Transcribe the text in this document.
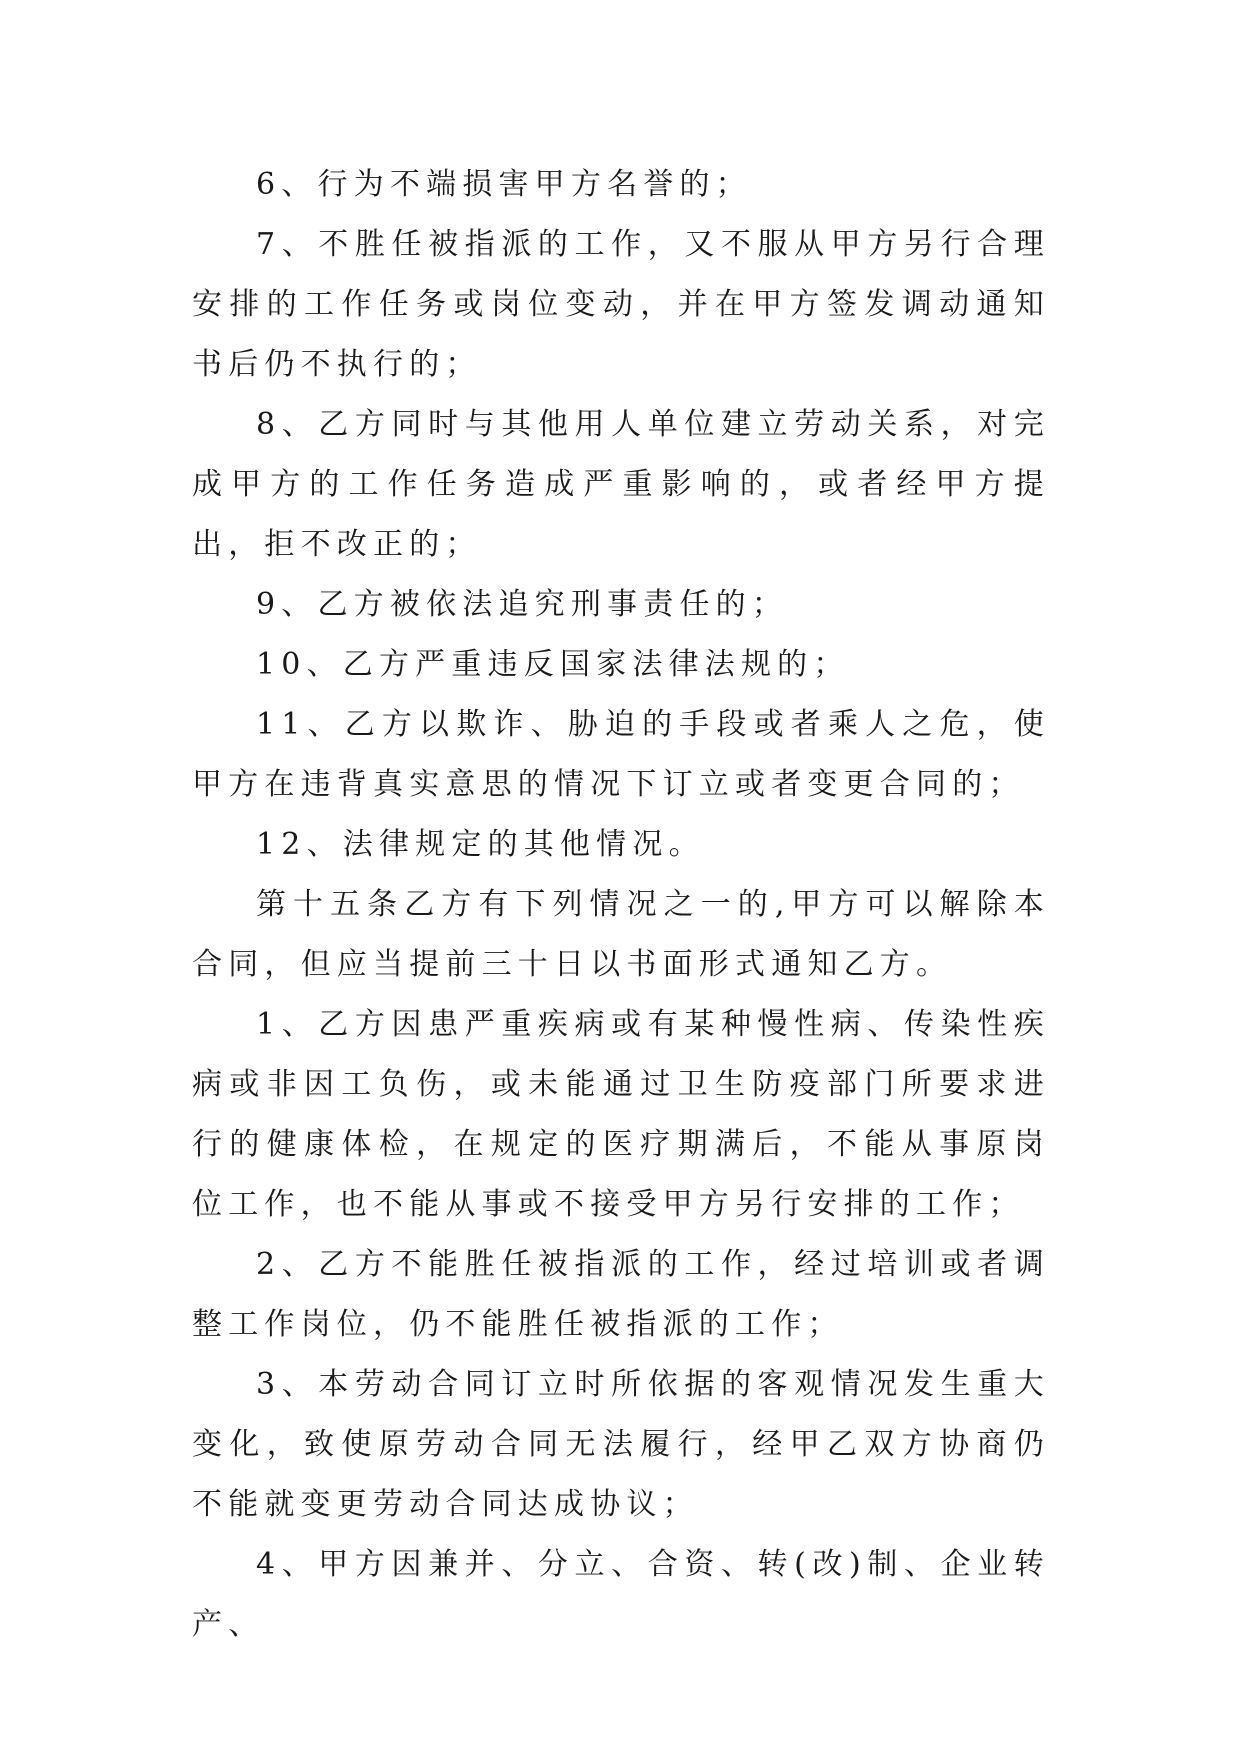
6、行为不端损害甲方名誉的；

7、不胜任被指派的工作，又不服从甲方另行合理安排的工作任务或岗位变动，并在甲方签发调动通知书后仍不执行的；

8、乙方同时与其他用人单位建立劳动关系，对完成甲方的工作任务造成严重影响的，或者经甲方提出，拒不改正的；

9、乙方被依法追究刑事责任的；

10、乙方严重违反国家法律法规的；

11、乙方以欺诈、胁迫的手段或者乘人之危，使甲方在违背真实意思的情况下订立或者变更合同的；

12、法律规定的其他情况。

第十五条乙方有下列情况之一的,甲方可以解除本合同，但应当提前三十日以书面形式通知乙方。

1、乙方因患严重疾病或有某种慢性病、传染性疾病或非因工负伤，或未能通过卫生防疫部门所要求进行的健康体检，在规定的医疗期满后，不能从事原岗位工作，也不能从事或不接受甲方另行安排的工作；

2、乙方不能胜任被指派的工作，经过培训或者调整工作岗位，仍不能胜任被指派的工作；

3、本劳动合同订立时所依据的客观情况发生重大变化，致使原劳动合同无法履行，经甲乙双方协商仍不能就变更劳动合同达成协议；

4、甲方因兼并、分立、合资、转(改)制、企业转产、
